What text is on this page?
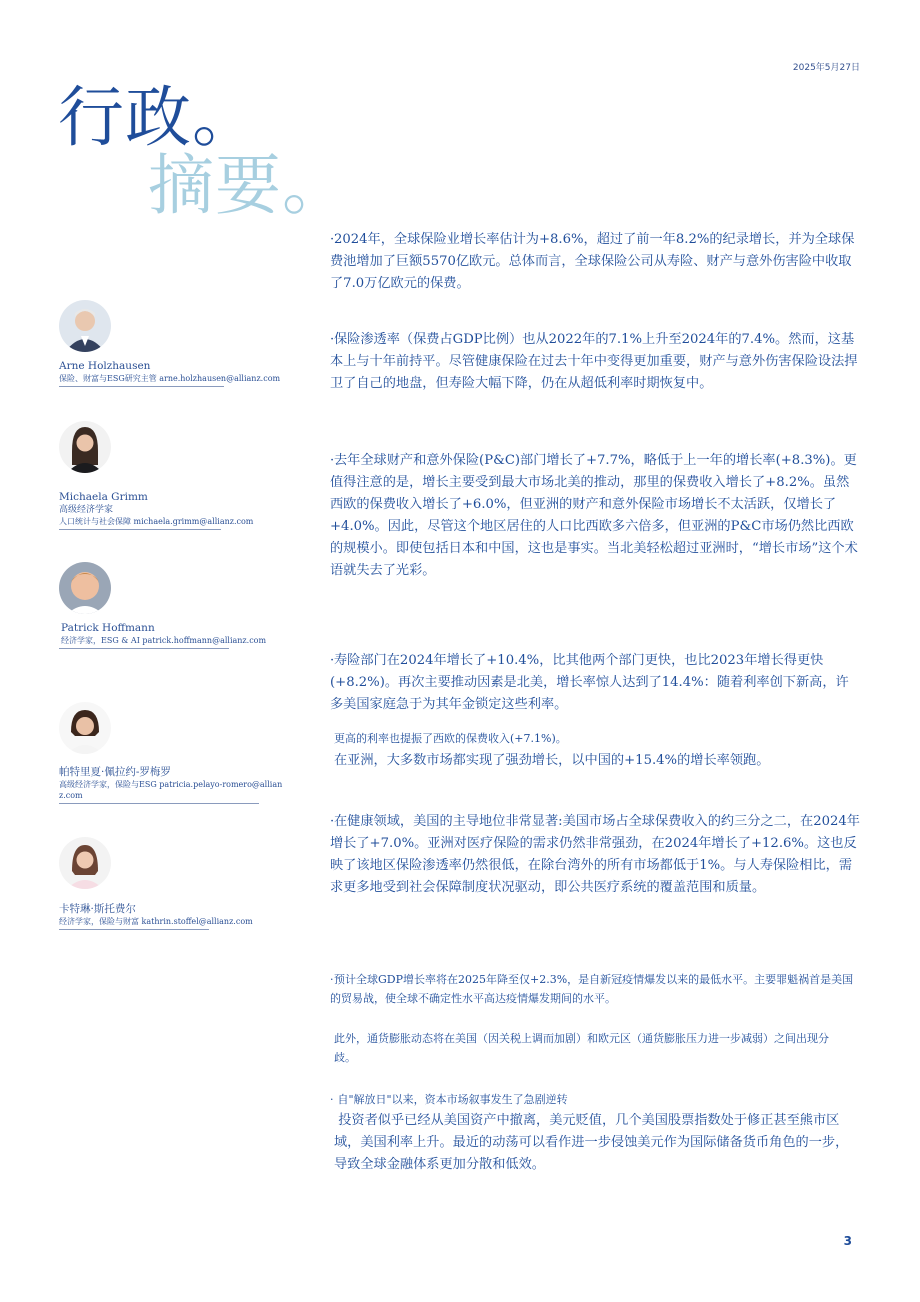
2025年5月27日
行政。
摘要。
Arne Holzhausen
保险、财富与ESG研究主管 arne.holzhausen@allianz.com
Michaela Grimm
高级经济学家
人口统计与社会保障 michaela.grimm@allianz.com
Patrick Hoffmann
经济学家，ESG & AI patrick.hoffmann@allianz.com
帕特里夏·佩拉约-罗梅罗
高级经济学家，保险与ESG patricia.pelayo-romero@allianz.com
卡特琳·斯托费尔
经济学家，保险与财富 kathrin.stoffel@allianz.com
·2024年，全球保险业增长率估计为+8.6%，超过了前一年8.2%的纪录增长，并为全球保费池增加了巨额5570亿欧元。总体而言，全球保险公司从寿险、财产与意外伤害险中收取了7.0万亿欧元的保费。
·保险渗透率（保费占GDP比例）也从2022年的7.1%上升至2024年的7.4%。然而，这基本上与十年前持平。尽管健康保险在过去十年中变得更加重要，财产与意外伤害保险设法捍卫了自己的地盘，但寿险大幅下降，仍在从超低利率时期恢复中。
·去年全球财产和意外保险(P&C)部门增长了+7.7%，略低于上一年的增长率(+8.3%)。更值得注意的是，增长主要受到最大市场北美的推动，那里的保费收入增长了+8.2%。虽然西欧的保费收入增长了+6.0%，但亚洲的财产和意外保险市场增长不太活跃，仅增长了+4.0%。因此，尽管这个地区居住的人口比西欧多六倍多，但亚洲的P&C市场仍然比西欧的规模小。即使包括日本和中国，这也是事实。当北美轻松超过亚洲时，“增长市场”这个术语就失去了光彩。
·寿险部门在2024年增长了+10.4%，比其他两个部门更快，也比2023年增长得更快(+8.2%)。再次主要推动因素是北美，增长率惊人达到了14.4%：随着利率创下新高，许多美国家庭急于为其年金锁定这些利率。
更高的利率也提振了西欧的保费收入(+7.1%)。
在亚洲，大多数市场都实现了强劲增长，以中国的+15.4%的增长率领跑。
·在健康领域，美国的主导地位非常显著:美国市场占全球保费收入的约三分之二，在2024年增长了+7.0%。亚洲对医疗保险的需求仍然非常强劲，在2024年增长了+12.6%。这也反映了该地区保险渗透率仍然很低，在除台湾外的所有市场都低于1%。与人寿保险相比，需求更多地受到社会保障制度状况驱动，即公共医疗系统的覆盖范围和质量。
·预计全球GDP增长率将在2025年降至仅+2.3%，是自新冠疫情爆发以来的最低水平。主要罪魁祸首是美国的贸易战，使全球不确定性水平高达疫情爆发期间的水平。
此外，通货膨胀动态将在美国（因关税上调而加剧）和欧元区（通货膨胀压力进一步减弱）之间出现分歧。
· 自"解放日"以来，资本市场叙事发生了急剧逆转
投资者似乎已经从美国资产中撤离，美元贬值，几个美国股票指数处于修正甚至熊市区域，美国利率上升。最近的动荡可以看作进一步侵蚀美元作为国际储备货币角色的一步，导致全球金融体系更加分散和低效。
3
